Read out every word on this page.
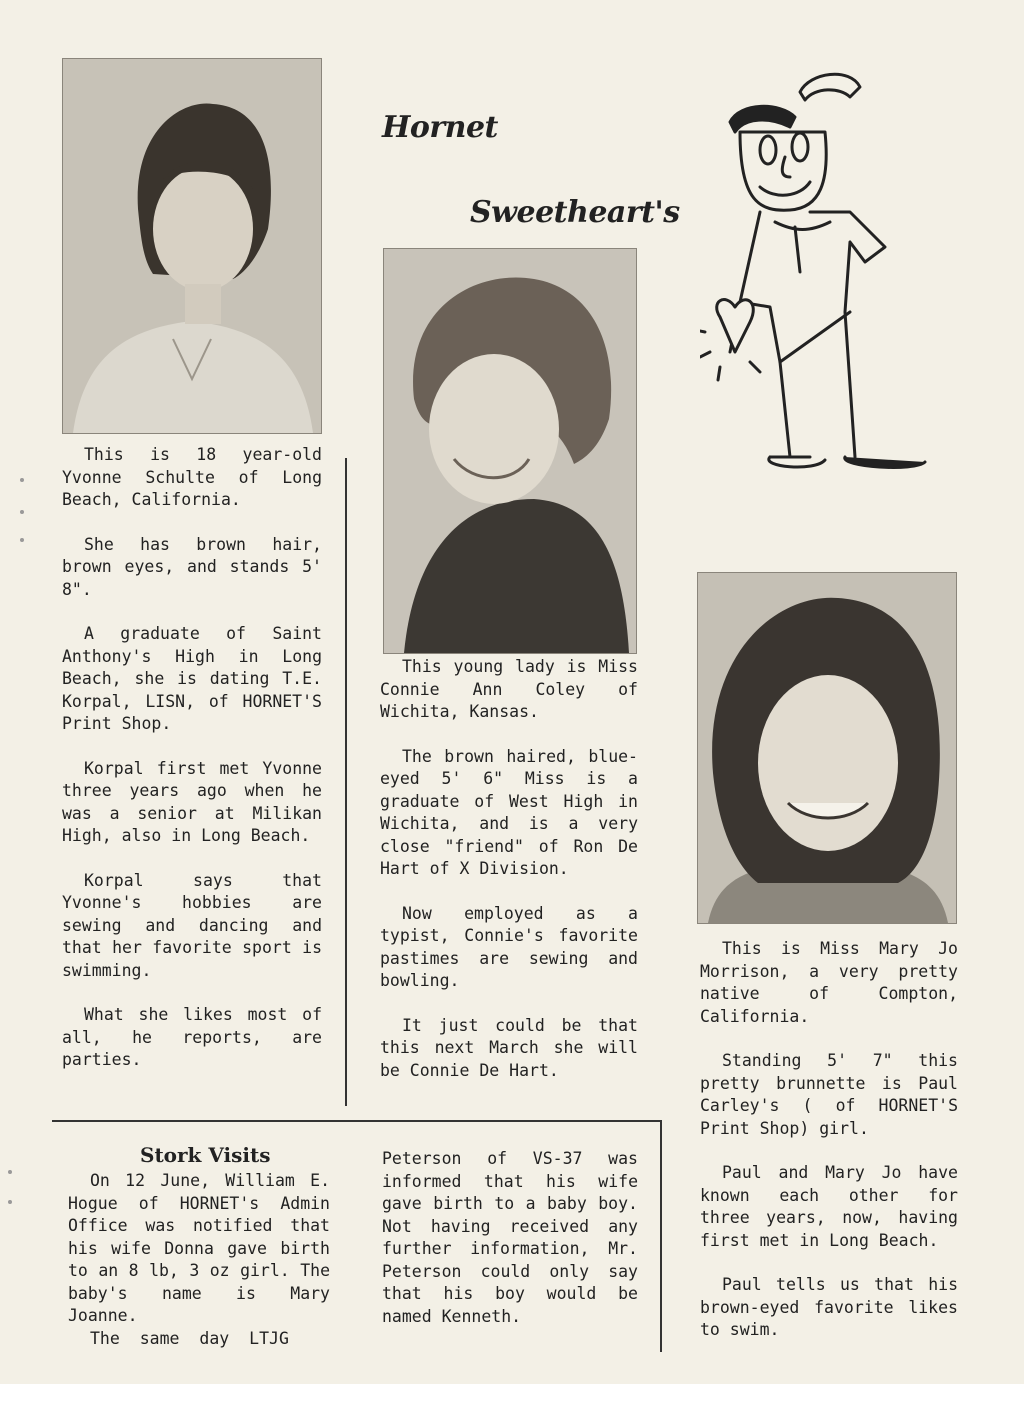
Hornet
Sweetheart's

This is 18 year-old Yvonne Schulte of Long Beach, California.

She has brown hair, brown eyes, and stands 5' 8".

A graduate of Saint Anthony's High in Long Beach, she is dating T.E. Korpal, LISN, of HORNET'S Print Shop.

Korpal first met Yvonne three years ago when he was a senior at Milikan High, also in Long Beach.

Korpal says that Yvonne's hobbies are sewing and dancing and that her favorite sport is swimming.

What she likes most of all, he reports, are parties.

This young lady is Miss Connie Ann Coley of Wichita, Kansas.

The brown haired, blue-eyed 5' 6" Miss is a graduate of West High in Wichita, and is a very close "friend" of Ron De Hart of X Division.

Now employed as a typist, Connie's favorite pastimes are sewing and bowling.

It just could be that this next March she will be Connie De Hart.

This is Miss Mary Jo Morrison, a very pretty native of Compton, California.

Standing 5' 7" this pretty brunnette is Paul Carley's ( of HORNET'S Print Shop) girl.

Paul and Mary Jo have known each other for three years, now, having first met in Long Beach.

Paul tells us that his brown-eyed favorite likes to swim.

Stork Visits

On 12 June, William E. Hogue of HORNET's Admin Office was notified that his wife Donna gave birth to an 8 lb, 3 oz girl. The baby's name is Mary Joanne.

The same day LTJG

Peterson of VS-37 was informed that his wife gave birth to a baby boy. Not having received any further information, Mr. Peterson could only say that his boy would be named Kenneth.
